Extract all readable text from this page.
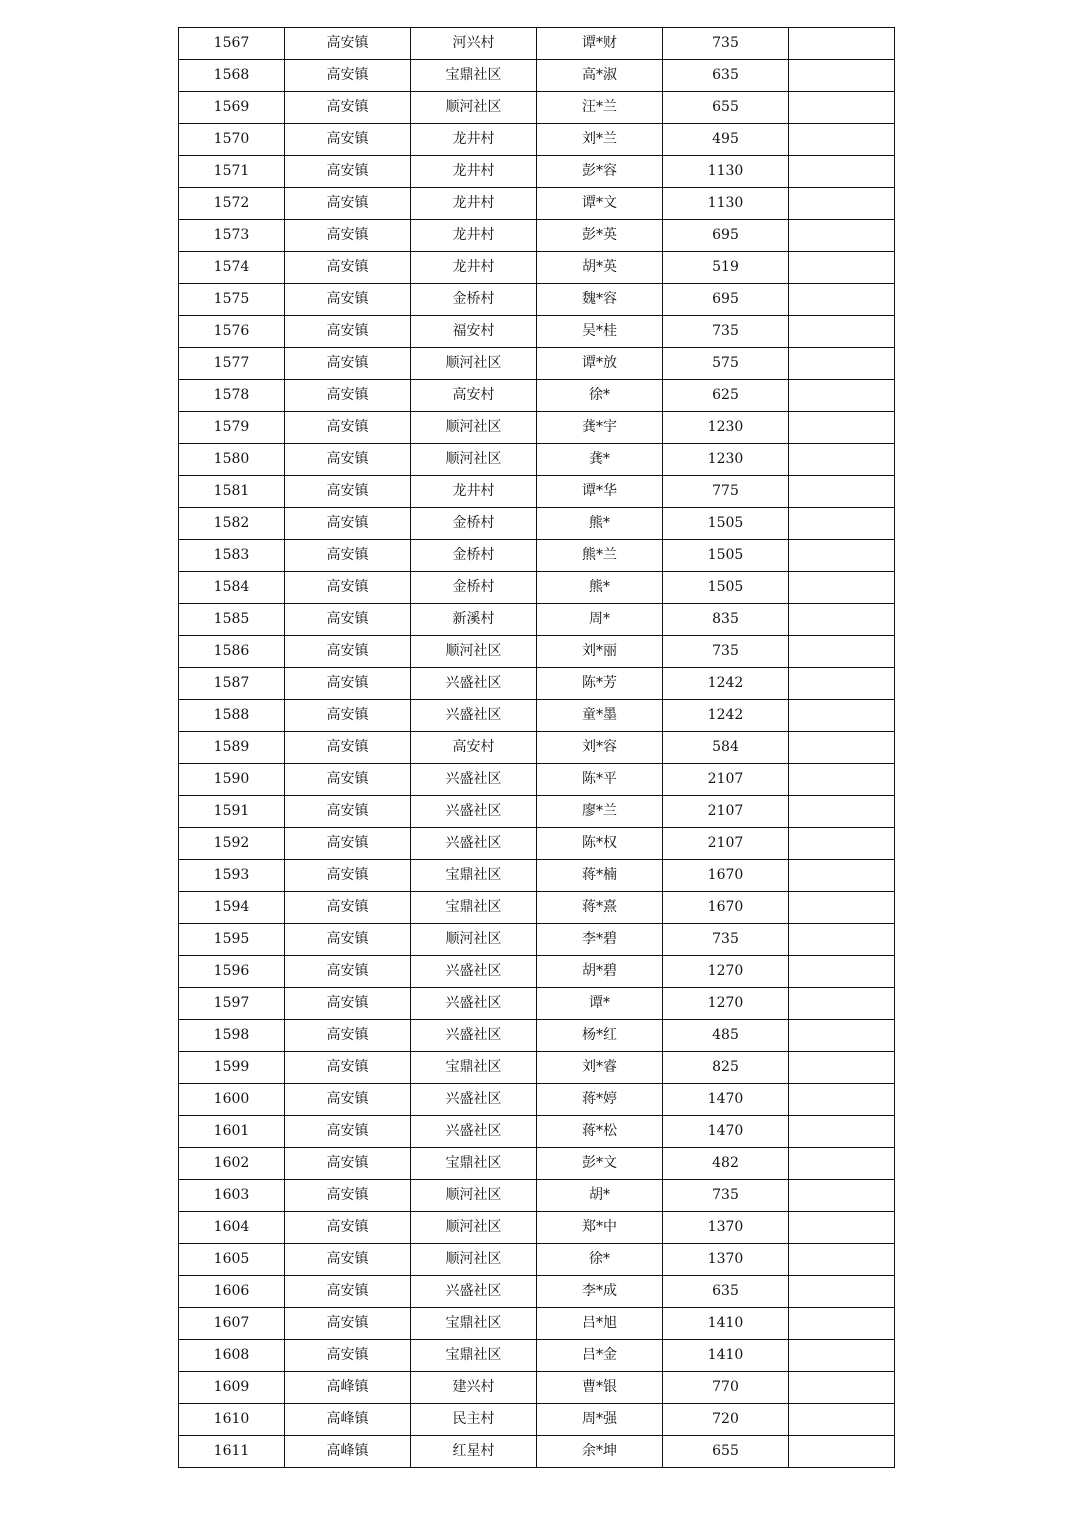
1567	高安镇	河兴村	谭*财	735	
1568	高安镇	宝鼎社区	高*淑	635	
1569	高安镇	顺河社区	汪*兰	655	
1570	高安镇	龙井村	刘*兰	495	
1571	高安镇	龙井村	彭*容	1130	
1572	高安镇	龙井村	谭*文	1130	
1573	高安镇	龙井村	彭*英	695	
1574	高安镇	龙井村	胡*英	519	
1575	高安镇	金桥村	魏*容	695	
1576	高安镇	福安村	吴*桂	735	
1577	高安镇	顺河社区	谭*放	575	
1578	高安镇	高安村	徐*	625	
1579	高安镇	顺河社区	龚*宇	1230	
1580	高安镇	顺河社区	龚*	1230	
1581	高安镇	龙井村	谭*华	775	
1582	高安镇	金桥村	熊*	1505	
1583	高安镇	金桥村	熊*兰	1505	
1584	高安镇	金桥村	熊*	1505	
1585	高安镇	新溪村	周*	835	
1586	高安镇	顺河社区	刘*丽	735	
1587	高安镇	兴盛社区	陈*芳	1242	
1588	高安镇	兴盛社区	童*墨	1242	
1589	高安镇	高安村	刘*容	584	
1590	高安镇	兴盛社区	陈*平	2107	
1591	高安镇	兴盛社区	廖*兰	2107	
1592	高安镇	兴盛社区	陈*权	2107	
1593	高安镇	宝鼎社区	蒋*楠	1670	
1594	高安镇	宝鼎社区	蒋*熹	1670	
1595	高安镇	顺河社区	李*碧	735	
1596	高安镇	兴盛社区	胡*碧	1270	
1597	高安镇	兴盛社区	谭*	1270	
1598	高安镇	兴盛社区	杨*红	485	
1599	高安镇	宝鼎社区	刘*睿	825	
1600	高安镇	兴盛社区	蒋*婷	1470	
1601	高安镇	兴盛社区	蒋*松	1470	
1602	高安镇	宝鼎社区	彭*文	482	
1603	高安镇	顺河社区	胡*	735	
1604	高安镇	顺河社区	郑*中	1370	
1605	高安镇	顺河社区	徐*	1370	
1606	高安镇	兴盛社区	李*成	635	
1607	高安镇	宝鼎社区	吕*旭	1410	
1608	高安镇	宝鼎社区	吕*金	1410	
1609	高峰镇	建兴村	曹*银	770	
1610	高峰镇	民主村	周*强	720	
1611	高峰镇	红星村	余*坤	655	
